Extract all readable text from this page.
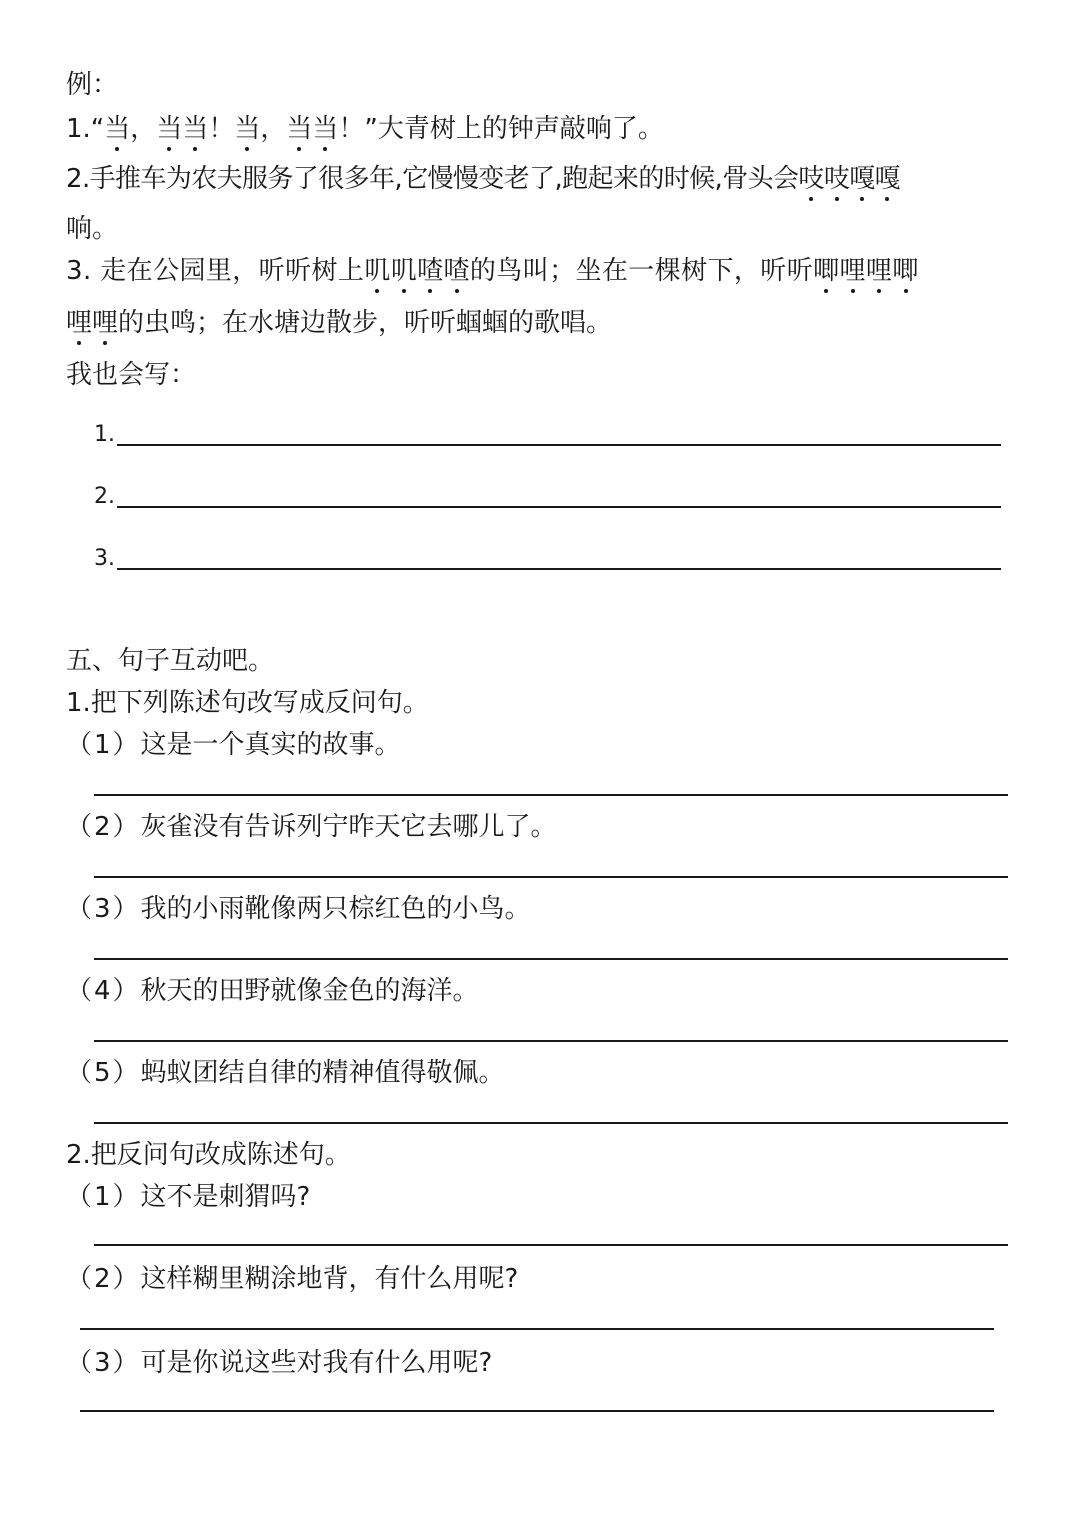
例：
1.“当，当当！当，当当！”大青树上的钟声敲响了。
2.手推车为农夫服务了很多年,它慢慢变老了,跑起来的时候,骨头会吱吱嘎嘎
响。
3. 走在公园里，听听树上叽叽喳喳的鸟叫；坐在一棵树下，听听唧哩哩唧
哩哩的虫鸣；在水塘边散步，听听蝈蝈的歌唱。
我也会写：
1.
2.
3.
五、句子互动吧。
1.把下列陈述句改写成反问句。
（1）这是一个真实的故事。
（2）灰雀没有告诉列宁昨天它去哪儿了。
（3）我的小雨靴像两只棕红色的小鸟。
（4）秋天的田野就像金色的海洋。
（5）蚂蚁团结自律的精神值得敬佩。
2.把反问句改成陈述句。
（1）这不是刺猬吗?
（2）这样糊里糊涂地背，有什么用呢?
（3）可是你说这些对我有什么用呢?
